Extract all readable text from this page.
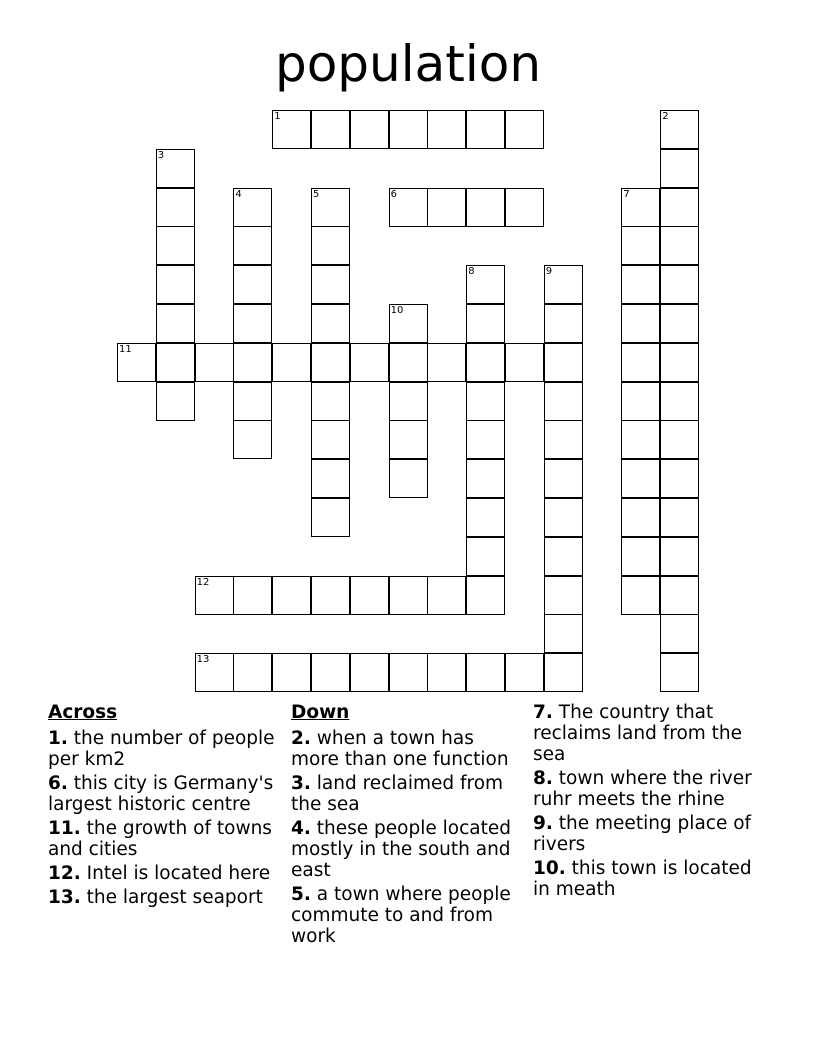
population
1	2
3
4	5	6	7
8	9
10
11
12
13
Across
1. the number of people per km2
6. this city is Germany's largest historic centre
11. the growth of towns and cities
12. Intel is located here
13. the largest seaport
Down
2. when a town has more than one function
3. land reclaimed from the sea
4. these people located mostly in the south and east
5. a town where people commute to and from work
7. The country that reclaims land from the sea
8. town where the river ruhr meets the rhine
9. the meeting place of rivers
10. this town is located in meath
